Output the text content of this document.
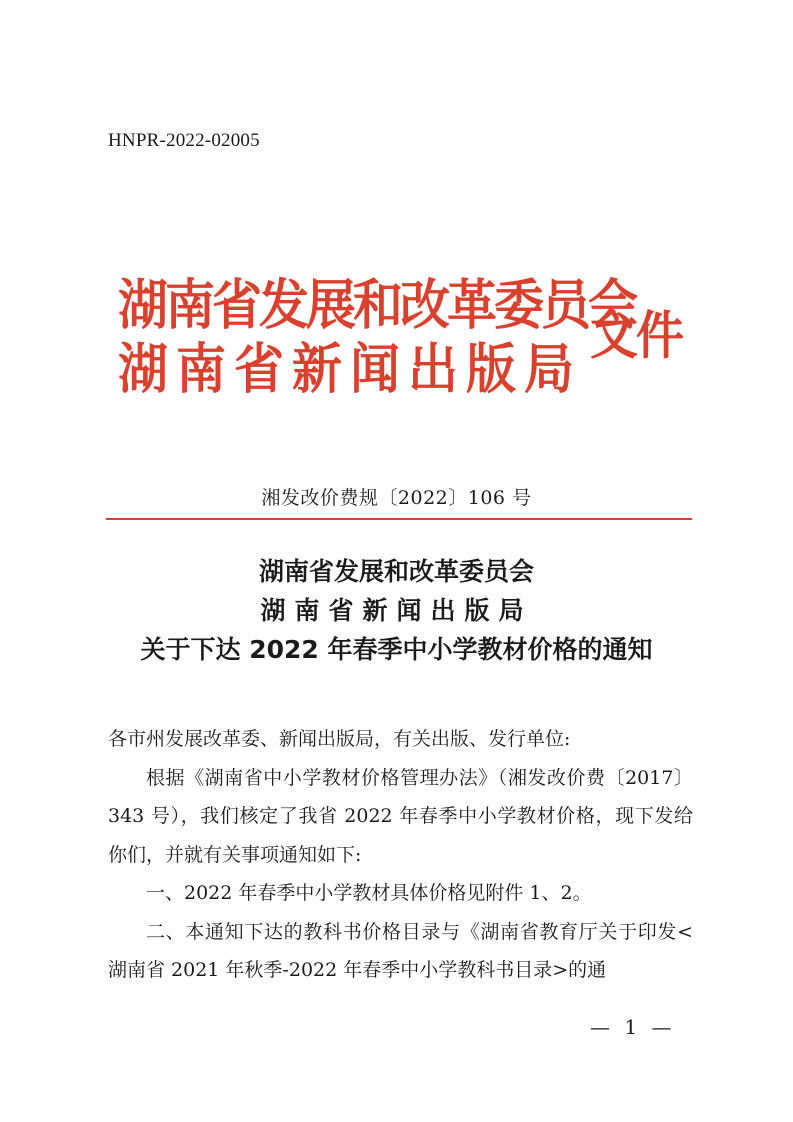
HNPR-2022-02005
湖南省发展和改革委员会
湖南省新闻出版局
文件
湘发改价费规〔2022〕106 号
湖南省发展和改革委员会
湖南省新闻出版局
关于下达 2022 年春季中小学教材价格的通知

各市州发展改革委、新闻出版局，有关出版、发行单位:

根据《湖南省中小学教材价格管理办法》（湘发改价费〔2017〕343 号），我们核定了我省 2022 年春季中小学教材价格，现下发给你们，并就有关事项通知如下:

一、2022 年春季中小学教材具体价格见附件 1、2。

二、本通知下达的教科书价格目录与《湖南省教育厅关于印发<湖南省 2021 年秋季-2022 年春季中小学教科书目录>的通

— 1 —
